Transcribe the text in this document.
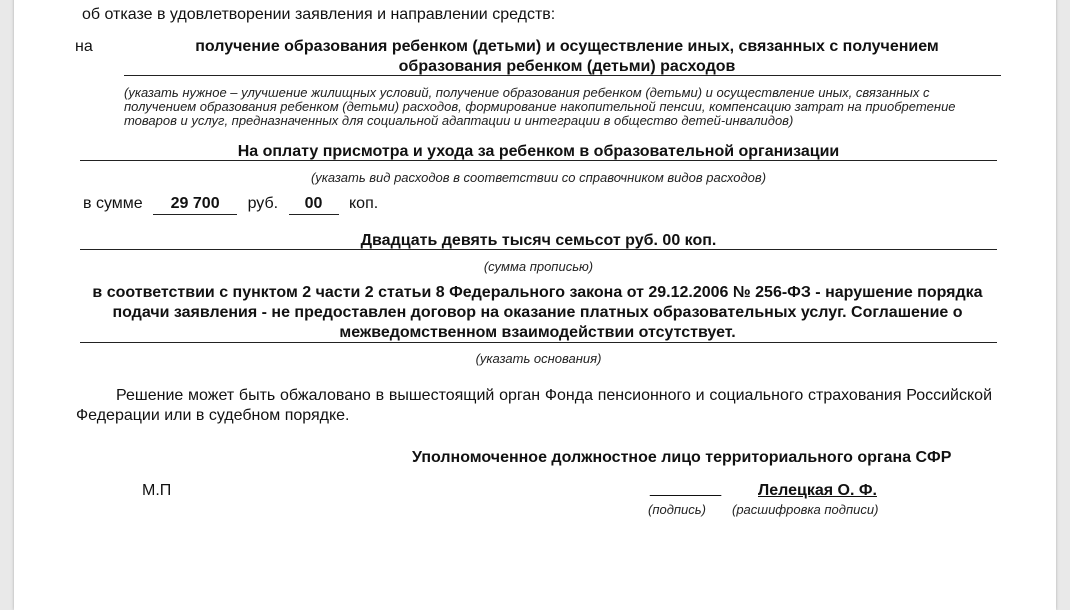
об отказе в удовлетворении заявления и направлении средств:
на	получение образования ребенком (детьми) и осуществление иных, связанных с получением образования ребенком (детьми) расходов
(указать нужное – улучшение жилищных условий, получение образования ребенком (детьми) и осуществление иных, связанных с получением образования ребенком (детьми) расходов, формирование накопительной пенсии, компенсацию затрат на приобретение товаров и услуг, предназначенных для социальной адаптации и интеграции в общество детей-инвалидов)
На оплату присмотра и ухода за ребенком в образовательной организации
(указать вид расходов в соответствии со справочником видов расходов)
в сумме 29 700 руб. 00 коп.
Двадцать девять тысяч семьсот руб. 00 коп.
(сумма прописью)
в соответствии с пунктом 2 части 2 статьи 8 Федерального закона от 29.12.2006 № 256-ФЗ - нарушение порядка подачи заявления - не предоставлен договор на оказание платных образовательных услуг. Соглашение о межведомственном взаимодействии отсутствует.
(указать основания)
Решение может быть обжаловано в вышестоящий орган Фонда пенсионного и социального страхования Российской Федерации или в судебном порядке.
Уполномоченное должностное лицо территориального органа СФР
М.П	________ Лелецкая О. Ф.
(подпись) (расшифровка подписи)
